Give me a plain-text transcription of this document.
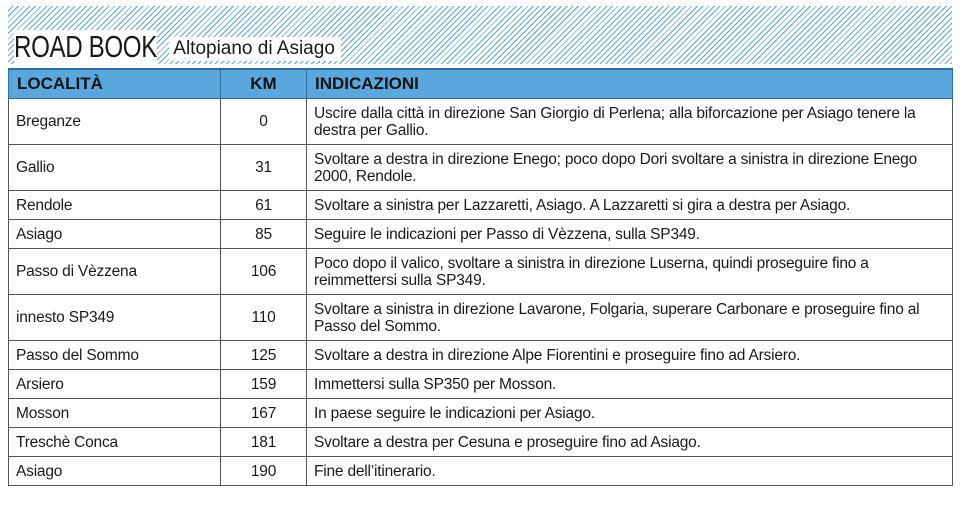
ROAD BOOK Altopiano di Asiago
LOCALITÀ	KM	INDICAZIONI
Breganze	0	Uscire dalla città in direzione San Giorgio di Perlena; alla biforcazione per Asiago tenere la destra per Gallio.
Gallio	31	Svoltare a destra in direzione Enego; poco dopo Dori svoltare a sinistra in direzione Enego 2000, Rendole.
Rendole	61	Svoltare a sinistra per Lazzaretti, Asiago. A Lazzaretti si gira a destra per Asiago.
Asiago	85	Seguire le indicazioni per Passo di Vèzzena, sulla SP349.
Passo di Vèzzena	106	Poco dopo il valico, svoltare a sinistra in direzione Luserna, quindi proseguire fino a reimmettersi sulla SP349.
innesto SP349	110	Svoltare a sinistra in direzione Lavarone, Folgaria, superare Carbonare e proseguire fino al Passo del Sommo.
Passo del Sommo	125	Svoltare a destra in direzione Alpe Fiorentini e proseguire fino ad Arsiero.
Arsiero	159	Immettersi sulla SP350 per Mosson.
Mosson	167	In paese seguire le indicazioni per Asiago.
Treschè Conca	181	Svoltare a destra per Cesuna e proseguire fino ad Asiago.
Asiago	190	Fine dell’itinerario.
